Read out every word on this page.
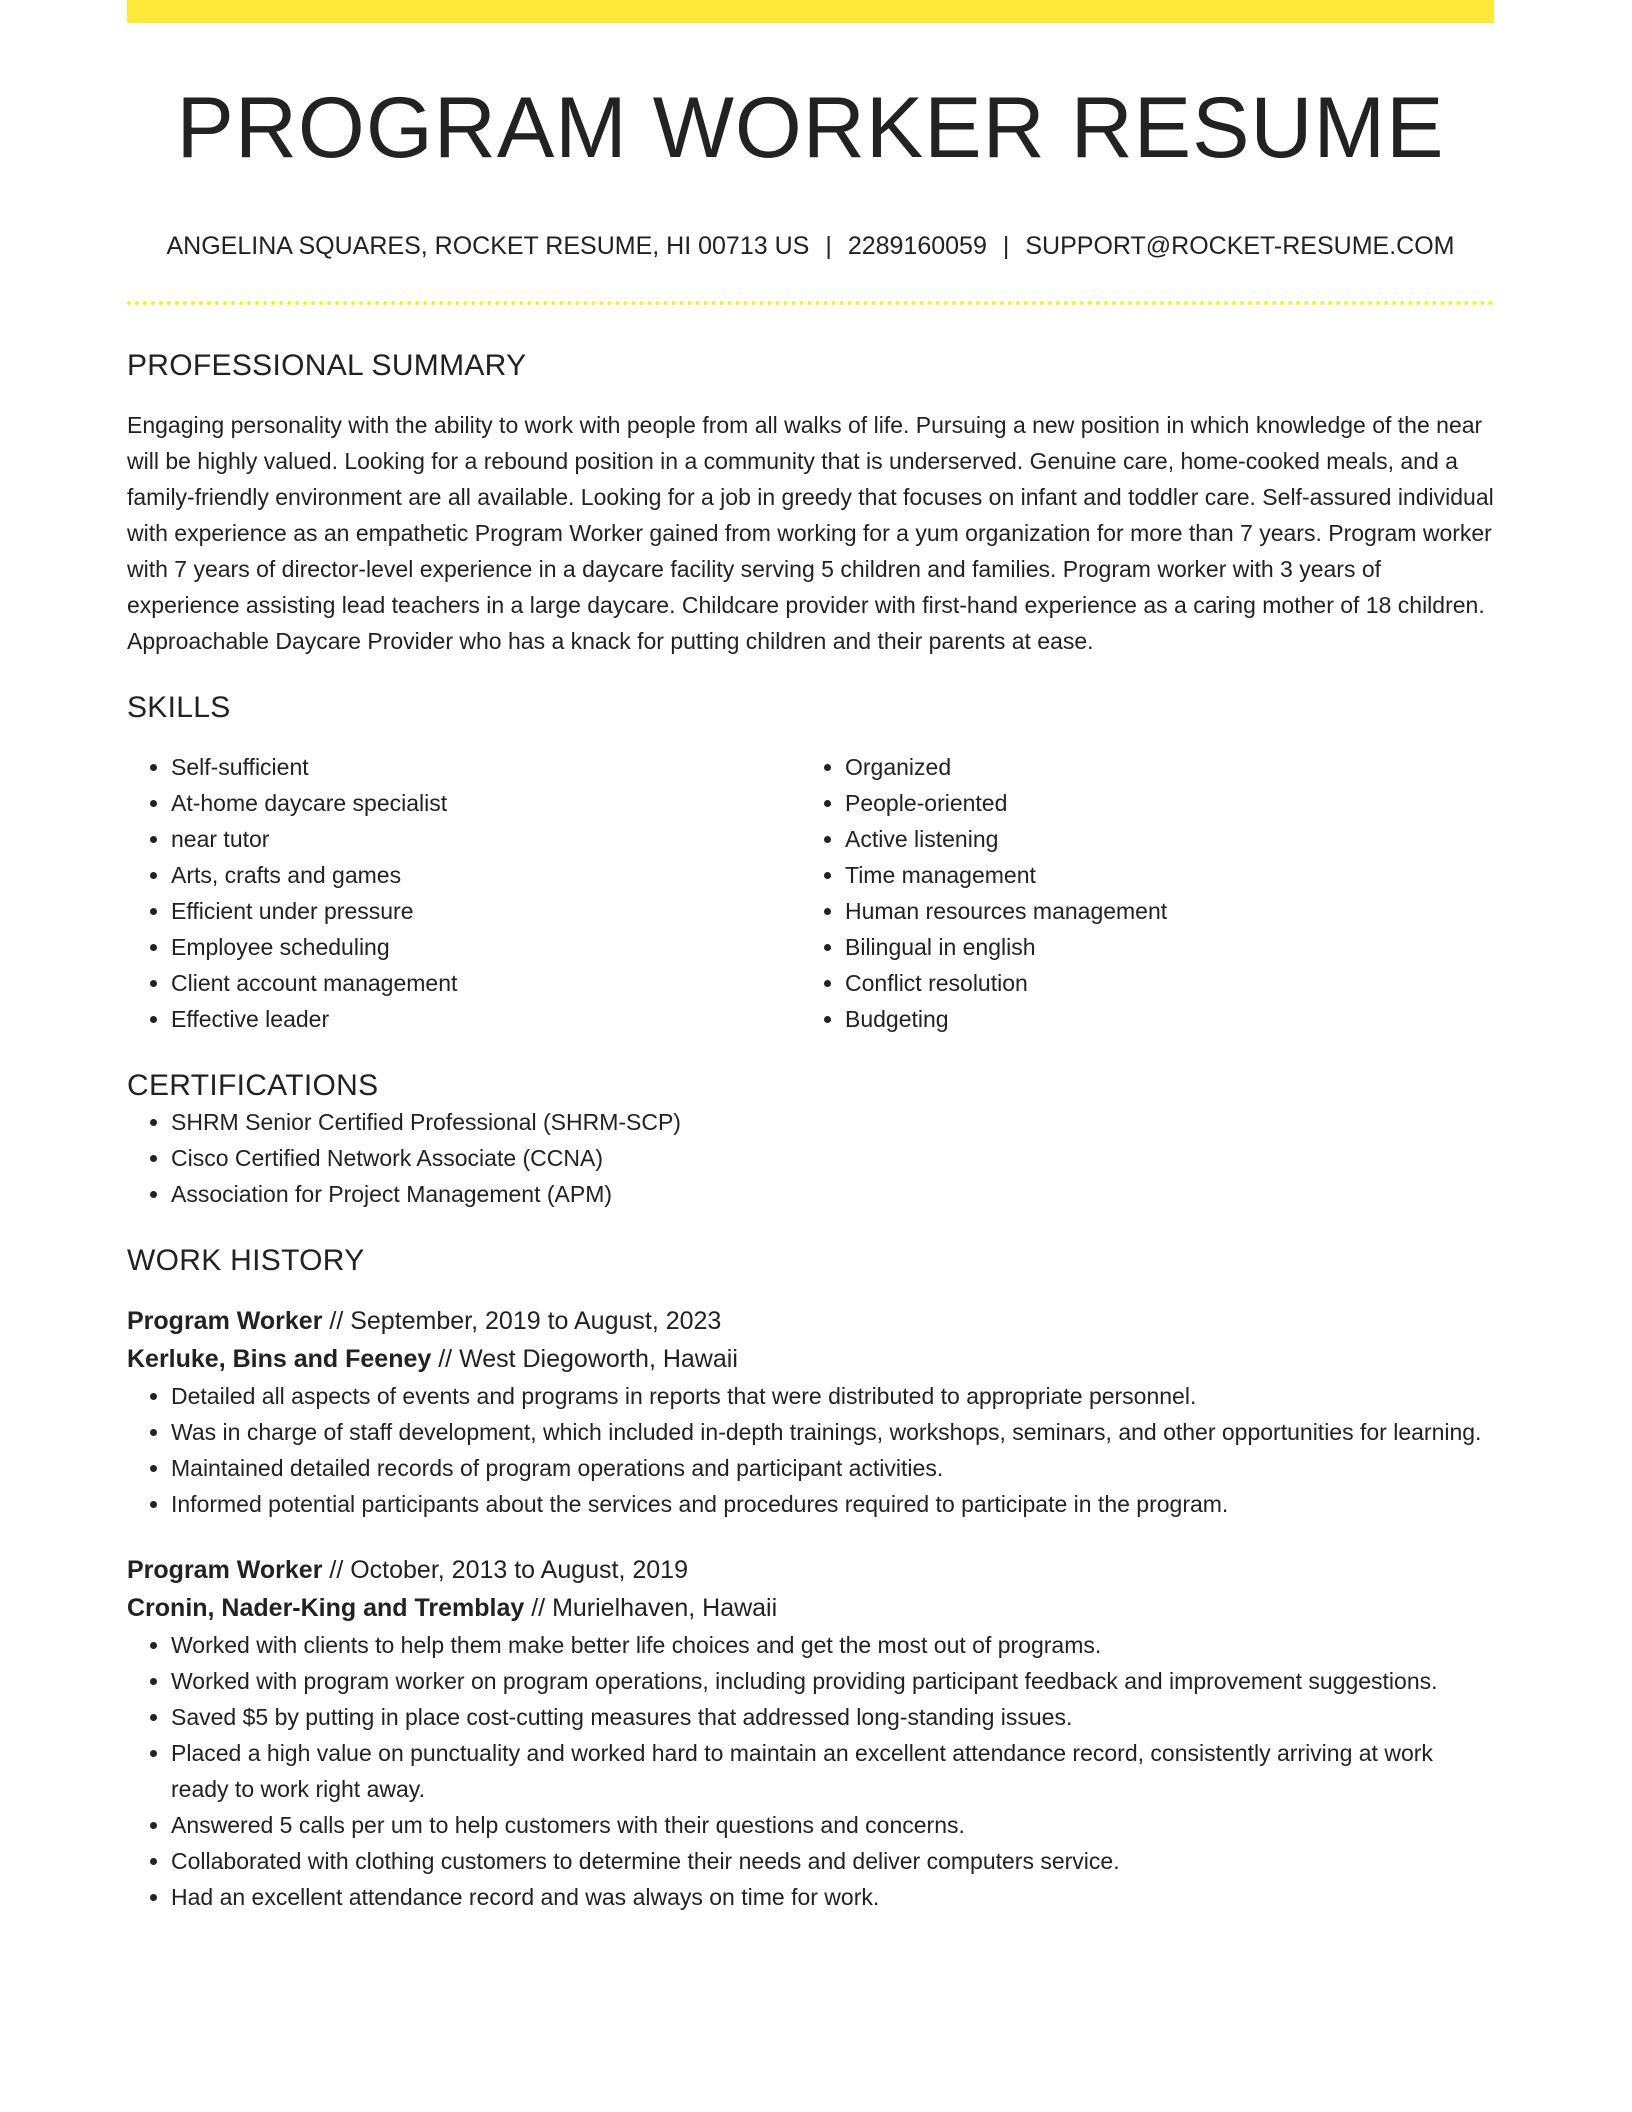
PROGRAM WORKER RESUME
ANGELINA SQUARES, ROCKET RESUME, HI 00713 US | 2289160059 | SUPPORT@ROCKET-RESUME.COM
PROFESSIONAL SUMMARY
Engaging personality with the ability to work with people from all walks of life. Pursuing a new position in which knowledge of the near will be highly valued. Looking for a rebound position in a community that is underserved. Genuine care, home-cooked meals, and a family-friendly environment are all available. Looking for a job in greedy that focuses on infant and toddler care. Self-assured individual with experience as an empathetic Program Worker gained from working for a yum organization for more than 7 years. Program worker with 7 years of director-level experience in a daycare facility serving 5 children and families. Program worker with 3 years of experience assisting lead teachers in a large daycare. Childcare provider with first-hand experience as a caring mother of 18 children. Approachable Daycare Provider who has a knack for putting children and their parents at ease.
SKILLS
• Self-sufficient
• At-home daycare specialist
• near tutor
• Arts, crafts and games
• Efficient under pressure
• Employee scheduling
• Client account management
• Effective leader
• Organized
• People-oriented
• Active listening
• Time management
• Human resources management
• Bilingual in english
• Conflict resolution
• Budgeting
CERTIFICATIONS
• SHRM Senior Certified Professional (SHRM-SCP)
• Cisco Certified Network Associate (CCNA)
• Association for Project Management (APM)
WORK HISTORY
Program Worker // September, 2019 to August, 2023
Kerluke, Bins and Feeney // West Diegoworth, Hawaii
• Detailed all aspects of events and programs in reports that were distributed to appropriate personnel.
• Was in charge of staff development, which included in-depth trainings, workshops, seminars, and other opportunities for learning.
• Maintained detailed records of program operations and participant activities.
• Informed potential participants about the services and procedures required to participate in the program.
Program Worker // October, 2013 to August, 2019
Cronin, Nader-King and Tremblay // Murielhaven, Hawaii
• Worked with clients to help them make better life choices and get the most out of programs.
• Worked with program worker on program operations, including providing participant feedback and improvement suggestions.
• Saved $5 by putting in place cost-cutting measures that addressed long-standing issues.
• Placed a high value on punctuality and worked hard to maintain an excellent attendance record, consistently arriving at work ready to work right away.
• Answered 5 calls per um to help customers with their questions and concerns.
• Collaborated with clothing customers to determine their needs and deliver computers service.
• Had an excellent attendance record and was always on time for work.
